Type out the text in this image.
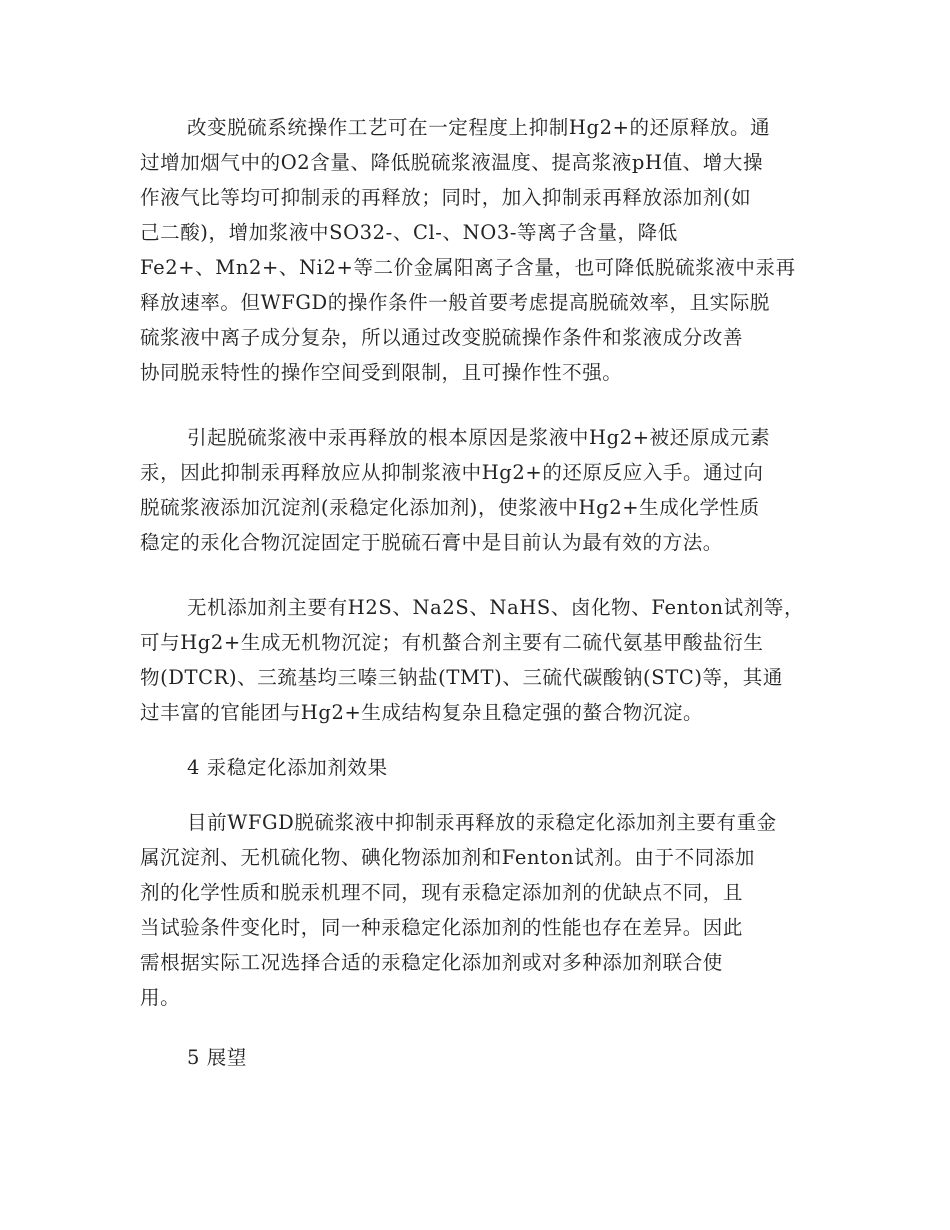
改变脱硫系统操作工艺可在一定程度上抑制Hg2+的还原释放。通
过增加烟气中的O2含量、降低脱硫浆液温度、提高浆液pH值、增大操
作液气比等均可抑制汞的再释放；同时，加入抑制汞再释放添加剂(如
己二酸)，增加浆液中SO32-、Cl-、NO3-等离子含量，降低
Fe2+、Mn2+、Ni2+等二价金属阳离子含量，也可降低脱硫浆液中汞再
释放速率。但WFGD的操作条件一般首要考虑提高脱硫效率，且实际脱
硫浆液中离子成分复杂，所以通过改变脱硫操作条件和浆液成分改善
协同脱汞特性的操作空间受到限制，且可操作性不强。
引起脱硫浆液中汞再释放的根本原因是浆液中Hg2+被还原成元素
汞，因此抑制汞再释放应从抑制浆液中Hg2+的还原反应入手。通过向
脱硫浆液添加沉淀剂(汞稳定化添加剂)，使浆液中Hg2+生成化学性质
稳定的汞化合物沉淀固定于脱硫石膏中是目前认为最有效的方法。
无机添加剂主要有H2S、Na2S、NaHS、卤化物、Fenton试剂等，
可与Hg2+生成无机物沉淀；有机螯合剂主要有二硫代氨基甲酸盐衍生
物(DTCR)、三巯基均三嗪三钠盐(TMT)、三硫代碳酸钠(STC)等，其通
过丰富的官能团与Hg2+生成结构复杂且稳定强的螯合物沉淀。
4 汞稳定化添加剂效果
目前WFGD脱硫浆液中抑制汞再释放的汞稳定化添加剂主要有重金
属沉淀剂、无机硫化物、碘化物添加剂和Fenton试剂。由于不同添加
剂的化学性质和脱汞机理不同，现有汞稳定添加剂的优缺点不同，且
当试验条件变化时，同一种汞稳定化添加剂的性能也存在差异。因此
需根据实际工况选择合适的汞稳定化添加剂或对多种添加剂联合使
用。
5 展望
